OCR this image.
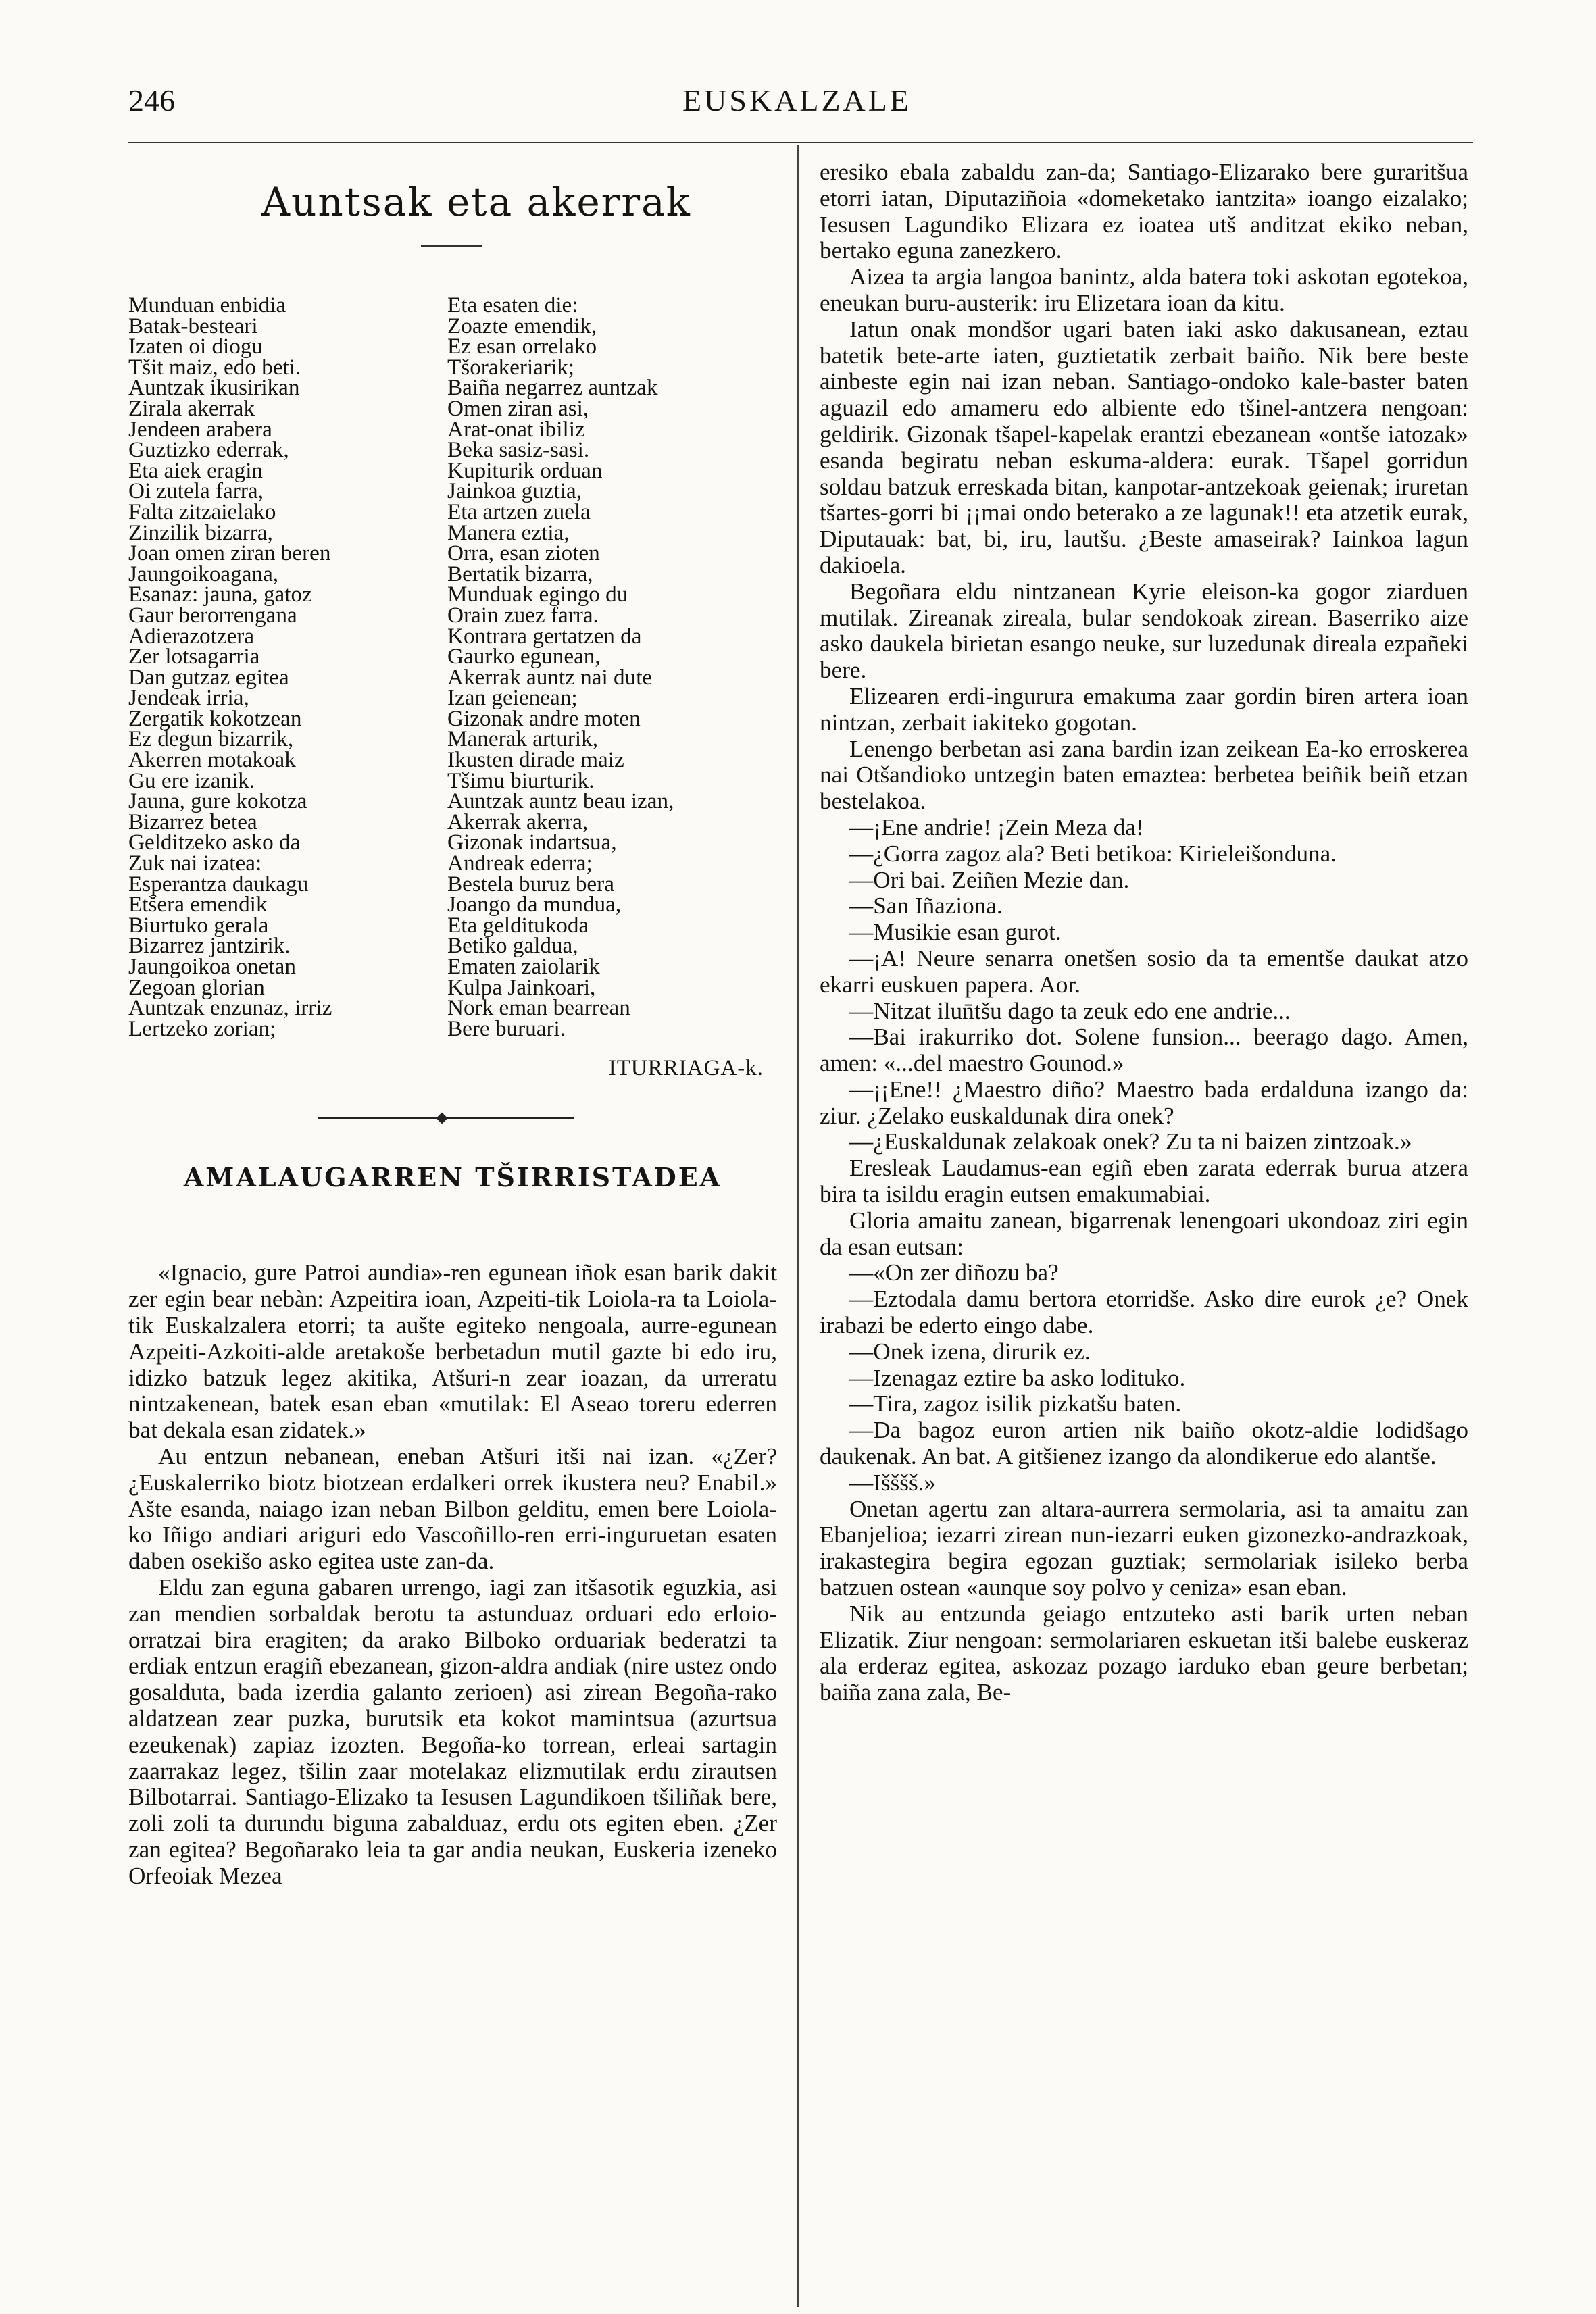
246	EUSKALZALE
Auntsak eta akerrak
Munduan enbidia
Batak-besteari
Izaten oi diogu
Tšit maiz, edo beti.
Auntzak ikusirikan
Zirala akerrak
Jendeen arabera
Guztizko ederrak,
Eta aiek eragin
Oi zutela farra,
Falta zitzaielako
Zinzilik bizarra,
Joan omen ziran beren
Jaungoikoagana,
Esanaz: jauna, gatoz
Gaur berorrengana
Adierazotzera
Zer lotsagarria
Dan gutzaz egitea
Jendeak irria,
Zergatik kokotzean
Ez degun bizarrik,
Akerren motakoak
Gu ere izanik.
Jauna, gure kokotza
Bizarrez betea
Gelditzeko asko da
Zuk nai izatea:
Esperantza daukagu
Etšera emendik
Biurtuko gerala
Bizarrez jantzirik.
Jaungoikoa onetan
Zegoan glorian
Auntzak enzunaz, irriz
Lertzeko zorian;
Eta esaten die:
Zoazte emendik,
Ez esan orrelako
Tšorakeriarik;
Baiña negarrez auntzak
Omen ziran asi,
Arat-onat ibiliz
Beka sasiz-sasi.
Kupiturik orduan
Jainkoa guztia,
Eta artzen zuela
Manera eztia,
Orra, esan zioten
Bertatik bizarra,
Munduak egingo du
Orain zuez farra.
Kontrara gertatzen da
Gaurko egunean,
Akerrak auntz nai dute
Izan geienean;
Gizonak andre moten
Manerak arturik,
Ikusten dirade maiz
Tšimu biurturik.
Auntzak auntz beau izan,
Akerrak akerra,
Gizonak indartsua,
Andreak ederra;
Bestela buruz bera
Joango da mundua,
Eta gelditukoda
Betiko galdua,
Ematen zaiolarik
Kulpa Jainkoari,
Nork eman bearrean
Bere buruari.
ITURRIAGA-k.
AMALAUGARREN TŠIRRISTADEA

«Ignacio, gure Patroi aundia»-ren egunean iñok esan barik dakit zer egin bear nebàn: Azpeitira ioan, Azpeiti-tik Loiola-ra ta Loiola-tik Euskalzalera etorri; ta aušte egiteko nengoala, aurre-egunean Azpeiti-Azkoiti-alde aretakoše berbetadun mutil gazte bi edo iru, idizko batzuk legez akitika, Atšuri-n zear ioazan, da urreratu nintzakenean, batek esan eban «mutilak: El Aseao toreru ederren bat dekala esan zidatek.»

Au entzun nebanean, eneban Atšuri itši nai izan. «¿Zer? ¿Euskalerriko biotz biotzean erdalkeri orrek ikustera neu? Enabil.» Ašte esanda, naiago izan neban Bilbon gelditu, emen bere Loiola-ko Iñigo andiari ariguri edo Vascoñillo-ren erri-inguruetan esaten daben osekišo asko egitea uste zan-da.

Eldu zan eguna gabaren urrengo, iagi zan itšasotik eguzkia, asi zan mendien sorbaldak berotu ta astunduaz orduari edo erloio-orratzai bira eragiten; da arako Bilboko orduariak bederatzi ta erdiak entzun eragiñ ebezanean, gizon-aldra andiak (nire ustez ondo gosalduta, bada izerdia galanto zerioen) asi zirean Begoña-rako aldatzean zear puzka, burutsik eta kokot mamintsua (azurtsua ezeukenak) zapiaz izozten. Begoña-ko torrean, erleai sartagin zaarrakaz legez, tšilin zaar motelakaz elizmutilak erdu zirautsen Bilbotarrai. Santiago-Elizako ta Iesusen Lagundikoen tšiliñak bere, zoli zoli ta durundu biguna zabalduaz, erdu ots egiten eben. ¿Zer zan egitea? Begoñarako leia ta gar andia neukan, Euskeria izeneko Orfeoiak Mezea

eresiko ebala zabaldu zan-da; Santiago-Elizarako bere guraritšua etorri iatan, Diputaziñoia «domeketako iantzita» ioango eizalako; Iesusen Lagundiko Elizara ez ioatea utš anditzat ekiko neban, bertako eguna zanezkero.

Aizea ta argia langoa banintz, alda batera toki askotan egotekoa, eneukan buru-austerik: iru Elizetara ioan da kitu.

Iatun onak mondšor ugari baten iaki asko dakusanean, eztau batetik bete-arte iaten, guztietatik zerbait baiño. Nik bere beste ainbeste egin nai izan neban. Santiago-ondoko kale-baster baten aguazil edo amameru edo albiente edo tšinel-antzera nengoan: geldirik. Gizonak tšapel-kapelak erantzi ebezanean «ontše iatozak» esanda begiratu neban eskuma-aldera: eurak. Tšapel gorridun soldau batzuk erreskada bitan, kanpotar-antzekoak geienak; iruretan tšartes-gorri bi ¡¡mai ondo beterako a ze lagunak!! eta atzetik eurak, Diputauak: bat, bi, iru, lautšu. ¿Beste amaseirak? Iainkoa lagun dakioela.

Begoñara eldu nintzanean Kyrie eleison-ka gogor ziarduen mutilak. Zireanak zireala, bular sendokoak zirean. Baserriko aize asko daukela birietan esango neuke, sur luzedunak direala ezpañeki bere.

Elizearen erdi-ingurura emakuma zaar gordin biren artera ioan nintzan, zerbait iakiteko gogotan.

Lenengo berbetan asi zana bardin izan zeikean Ea-ko erroskerea nai Otšandioko untzegin baten emaztea: berbetea beiñik beiñ etzan bestelakoa.

—¡Ene andrie! ¡Zein Meza da!

—¿Gorra zagoz ala? Beti betikoa: Kirieleišonduna.

—Ori bai. Zeiñen Mezie dan.

—San Iñaziona.

—Musikie esan gurot.

—¡A! Neure senarra onetšen sosio da ta ementše daukat atzo ekarri euskuen papera. Aor.

—Nitzat ilun̄tšu dago ta zeuk edo ene andrie...

—Bai irakurriko dot. Solene funsion... beerago dago. Amen, amen: «...del maestro Gounod.»

—¡¡Ene!! ¿Maestro diño? Maestro bada erdalduna izango da: ziur. ¿Zelako euskaldunak dira onek?

—¿Euskaldunak zelakoak onek? Zu ta ni baizen zintzoak.»

Eresleak Laudamus-ean egiñ eben zarata ederrak burua atzera bira ta isildu eragin eutsen emakumabiai.

Gloria amaitu zanean, bigarrenak lenengoari ukondoaz ziri egin da esan eutsan:

—«On zer diñozu ba?

—Eztodala damu bertora etorridše. Asko dire eurok ¿e? Onek irabazi be ederto eingo dabe.

—Onek izena, dirurik ez.

—Izenagaz eztire ba asko lodituko.

—Tira, zagoz isilik pizkatšu baten.

—Da bagoz euron artien nik baiño okotz-aldie lodidšago daukenak. An bat. A gitšienez izango da alondikerue edo alantše.

—Išššš.»

Onetan agertu zan altara-aurrera sermolaria, asi ta amaitu zan Ebanjelioa; iezarri zirean nun-iezarri euken gizonezko-andrazkoak, irakastegira begira egozan guztiak; sermolariak isileko berba batzuen ostean «aunque soy polvo y ceniza» esan eban.

Nik au entzunda geiago entzuteko asti barik urten neban Elizatik. Ziur nengoan: sermolariaren eskuetan itši balebe euskeraz ala erderaz egitea, askozaz pozago iarduko eban geure berbetan; baiña zana zala, Be-
